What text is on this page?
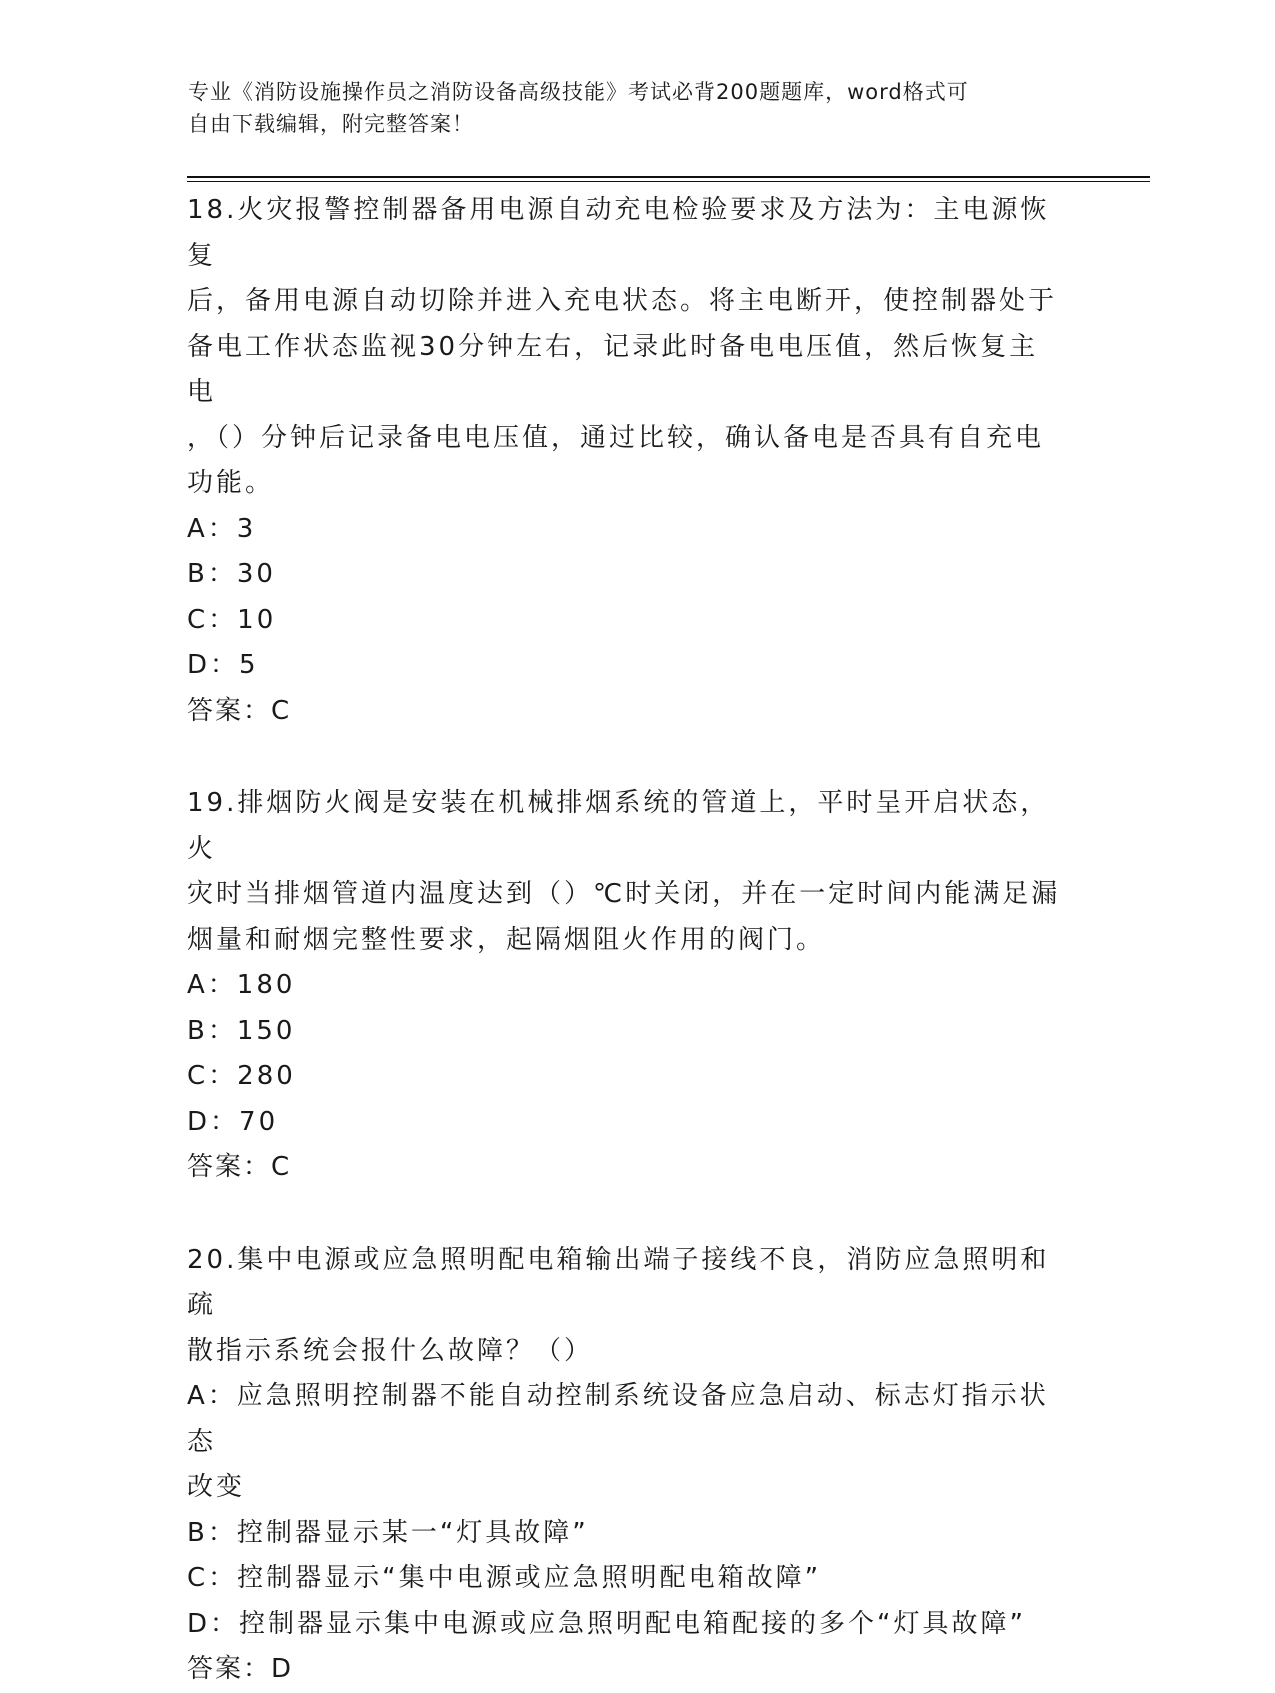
专业《消防设施操作员之消防设备高级技能》考试必背200题题库，word格式可
自由下载编辑，附完整答案！

18.火灾报警控制器备用电源自动充电检验要求及方法为：主电源恢复

后，备用电源自动切除并进入充电状态。将主电断开，使控制器处于

备电工作状态监视30分钟左右，记录此时备电电压值，然后恢复主电

，（）分钟后记录备电电压值，通过比较，确认备电是否具有自充电

功能。

A：3

B：30

C：10

D：5

答案：C

19.排烟防火阀是安装在机械排烟系统的管道上，平时呈开启状态，火

灾时当排烟管道内温度达到（）℃时关闭，并在一定时间内能满足漏

烟量和耐烟完整性要求，起隔烟阻火作用的阀门。

A：180

B：150

C：280

D：70

答案：C

20.集中电源或应急照明配电箱输出端子接线不良，消防应急照明和疏

散指示系统会报什么故障？（）

A：应急照明控制器不能自动控制系统设备应急启动、标志灯指示状态

改变

B：控制器显示某一“灯具故障”

C：控制器显示“集中电源或应急照明配电箱故障”

D：控制器显示集中电源或应急照明配电箱配接的多个“灯具故障”

答案：D
